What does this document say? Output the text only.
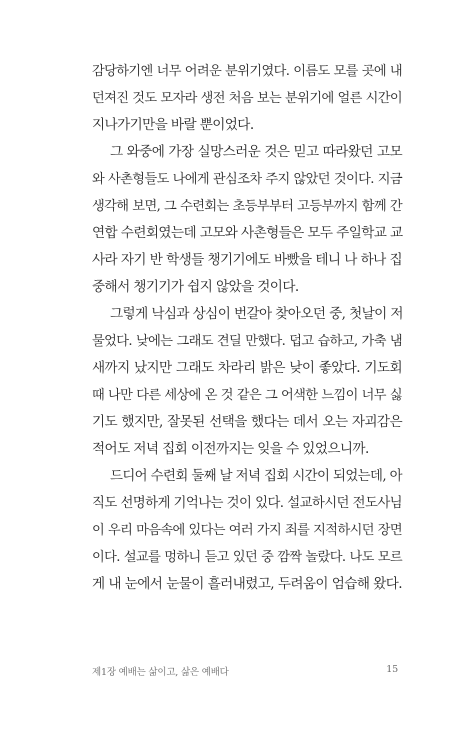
감당하기엔 너무 어려운 분위기였다. 이름도 모를 곳에 내
던져진 것도 모자라 생전 처음 보는 분위기에 얼른 시간이
지나가기만을 바랄 뿐이었다.
그 와중에 가장 실망스러운 것은 믿고 따라왔던 고모
와 사촌형들도 나에게 관심조차 주지 않았던 것이다. 지금
생각해 보면, 그 수련회는 초등부부터 고등부까지 함께 간
연합 수련회였는데 고모와 사촌형들은 모두 주일학교 교
사라 자기 반 학생들 챙기기에도 바빴을 테니 나 하나 집
중해서 챙기기가 쉽지 않았을 것이다.
그렇게 낙심과 상심이 번갈아 찾아오던 중, 첫날이 저
물었다. 낮에는 그래도 견딜 만했다. 덥고 습하고, 가축 냄
새까지 났지만 그래도 차라리 밝은 낮이 좋았다. 기도회
때 나만 다른 세상에 온 것 같은 그 어색한 느낌이 너무 싫
기도 했지만, 잘못된 선택을 했다는 데서 오는 자괴감은
적어도 저녁 집회 이전까지는 잊을 수 있었으니까.
드디어 수련회 둘째 날 저녁 집회 시간이 되었는데, 아
직도 선명하게 기억나는 것이 있다. 설교하시던 전도사님
이 우리 마음속에 있다는 여러 가지 죄를 지적하시던 장면
이다. 설교를 멍하니 듣고 있던 중 깜짝 놀랐다. 나도 모르
게 내 눈에서 눈물이 흘러내렸고, 두려움이 엄습해 왔다.
제1장 예배는 삶이고, 삶은 예배다	15
